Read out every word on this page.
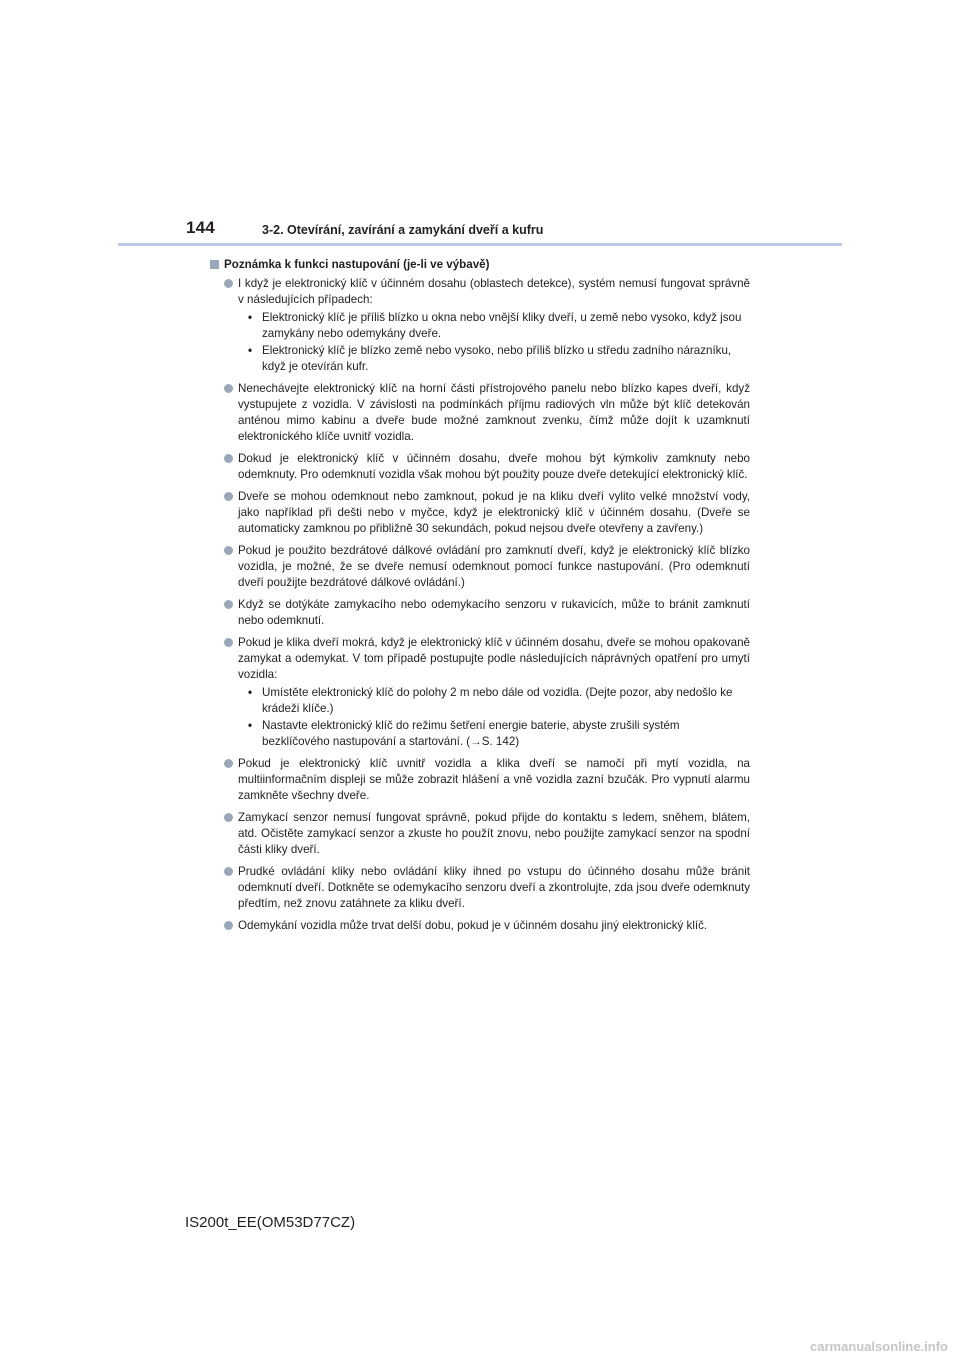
144	3-2. Otevírání, zavírání a zamykání dveří a kufru
Poznámka k funkci nastupování (je-li ve výbavě)
I když je elektronický klíč v účinném dosahu (oblastech detekce), systém nemusí fungovat správně v následujících případech:
• Elektronický klíč je příliš blízko u okna nebo vnější kliky dveří, u země nebo vysoko, když jsou zamykány nebo odemykány dveře.
• Elektronický klíč je blízko země nebo vysoko, nebo příliš blízko u středu zadního nárazníku, když je otevírán kufr.
Nenechávejte elektronický klíč na horní části přístrojového panelu nebo blízko kapes dveří, když vystupujete z vozidla. V závislosti na podmínkách příjmu radiových vln může být klíč detekován anténou mimo kabinu a dveře bude možné zamknout zvenku, čímž může dojít k uzamknutí elektronického klíče uvnitř vozidla.
Dokud je elektronický klíč v účinném dosahu, dveře mohou být kýmkoliv zamknuty nebo odemknuty. Pro odemknutí vozidla však mohou být použity pouze dveře detekující elektronický klíč.
Dveře se mohou odemknout nebo zamknout, pokud je na kliku dveří vylito velké množství vody, jako například při dešti nebo v myčce, když je elektronický klíč v účinném dosahu. (Dveře se automaticky zamknou po přibližně 30 sekundách, pokud nejsou dveře otevřeny a zavřeny.)
Pokud je použito bezdrátové dálkové ovládání pro zamknutí dveří, když je elektronický klíč blízko vozidla, je možné, že se dveře nemusí odemknout pomocí funkce nastupování. (Pro odemknutí dveří použijte bezdrátové dálkové ovládání.)
Když se dotýkáte zamykacího nebo odemykacího senzoru v rukavicích, může to bránit zamknutí nebo odemknutí.
Pokud je klika dveří mokrá, když je elektronický klíč v účinném dosahu, dveře se mohou opakovaně zamykat a odemykat. V tom případě postupujte podle následujících náprávných opatření pro umytí vozidla:
• Umístěte elektronický klíč do polohy 2 m nebo dále od vozidla. (Dejte pozor, aby nedošlo ke krádeži klíče.)
• Nastavte elektronický klíč do režimu šetření energie baterie, abyste zrušili systém bezklíčového nastupování a startování. (→S. 142)
Pokud je elektronický klíč uvnitř vozidla a klika dveří se namočí při mytí vozidla, na multiinformačním displeji se může zobrazit hlášení a vně vozidla zazní bzučák. Pro vypnutí alarmu zamkněte všechny dveře.
Zamykací senzor nemusí fungovat správně, pokud přijde do kontaktu s ledem, sněhem, blátem, atd. Očistěte zamykací senzor a zkuste ho použít znovu, nebo použijte zamykací senzor na spodní části kliky dveří.
Prudké ovládání kliky nebo ovládání kliky ihned po vstupu do účinného dosahu může bránit odemknutí dveří. Dotkněte se odemykacího senzoru dveří a zkontrolujte, zda jsou dveře odemknuty předtím, než znovu zatáhnete za kliku dveří.
Odemykání vozidla může trvat delší dobu, pokud je v účinném dosahu jiný elektronický klíč.
IS200t_EE(OM53D77CZ)
carmanualsonline.info
